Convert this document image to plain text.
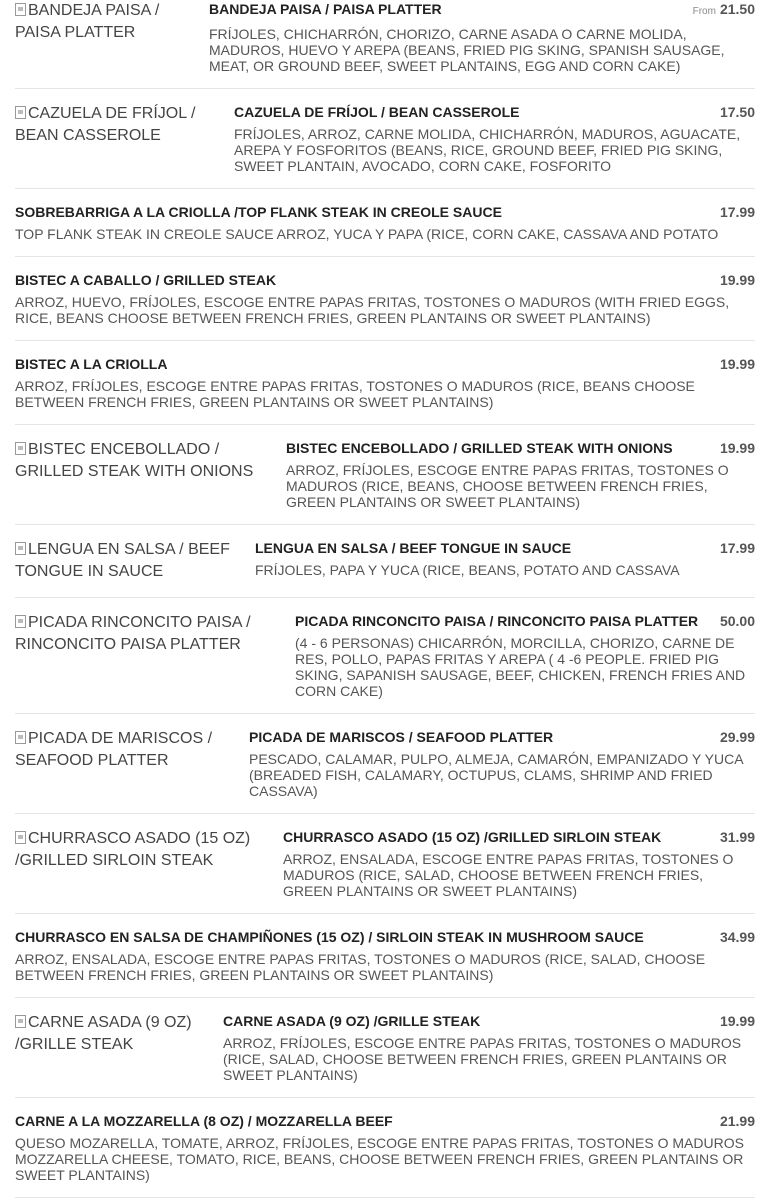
BANDEJA PAISA / PAISA PLATTER
BANDEJA PAISA / PAISA PLATTER	From 21.50
FRÍJOLES, CHICHARRÓN, CHORIZO, CARNE ASADA O CARNE MOLIDA, MADUROS, HUEVO Y AREPA (BEANS, FRIED PIG SKING, SPANISH SAUSAGE, MEAT, OR GROUND BEEF, SWEET PLANTAINS, EGG AND CORN CAKE)
CAZUELA DE FRÍJOL / BEAN CASSEROLE
CAZUELA DE FRÍJOL / BEAN CASSEROLE	17.50
FRÍJOLES, ARROZ, CARNE MOLIDA, CHICHARRÓN, MADUROS, AGUACATE, AREPA Y FOSFORITOS (BEANS, RICE, GROUND BEEF, FRIED PIG SKING, SWEET PLANTAIN, AVOCADO, CORN CAKE, FOSFORITO
SOBREBARRIGA A LA CRIOLLA /TOP FLANK STEAK IN CREOLE SAUCE	17.99
TOP FLANK STEAK IN CREOLE SAUCE ARROZ, YUCA Y PAPA (RICE, CORN CAKE, CASSAVA AND POTATO
BISTEC A CABALLO / GRILLED STEAK	19.99
ARROZ, HUEVO, FRÍJOLES, ESCOGE ENTRE PAPAS FRITAS, TOSTONES O MADUROS (WITH FRIED EGGS, RICE, BEANS CHOOSE BETWEEN FRENCH FRIES, GREEN PLANTAINS OR SWEET PLANTAINS)
BISTEC A LA CRIOLLA	19.99
ARROZ, FRÍJOLES, ESCOGE ENTRE PAPAS FRITAS, TOSTONES O MADUROS (RICE, BEANS CHOOSE BETWEEN FRENCH FRIES, GREEN PLANTAINS OR SWEET PLANTAINS)
BISTEC ENCEBOLLADO / GRILLED STEAK WITH ONIONS
BISTEC ENCEBOLLADO / GRILLED STEAK WITH ONIONS	19.99
ARROZ, FRÍJOLES, ESCOGE ENTRE PAPAS FRITAS, TOSTONES O MADUROS (RICE, BEANS, CHOOSE BETWEEN FRENCH FRIES, GREEN PLANTAINS OR SWEET PLANTAINS)
LENGUA EN SALSA / BEEF TONGUE IN SAUCE
LENGUA EN SALSA / BEEF TONGUE IN SAUCE	17.99
FRÍJOLES, PAPA Y YUCA (RICE, BEANS, POTATO AND CASSAVA
PICADA RINCONCITO PAISA / RINCONCITO PAISA PLATTER
PICADA RINCONCITO PAISA / RINCONCITO PAISA PLATTER	50.00
(4 - 6 PERSONAS) CHICARRÓN, MORCILLA, CHORIZO, CARNE DE RES, POLLO, PAPAS FRITAS Y AREPA ( 4 -6 PEOPLE. FRIED PIG SKING, SAPANISH SAUSAGE, BEEF, CHICKEN, FRENCH FRIES AND CORN CAKE)
PICADA DE MARISCOS / SEAFOOD PLATTER
PICADA DE MARISCOS / SEAFOOD PLATTER	29.99
PESCADO, CALAMAR, PULPO, ALMEJA, CAMARÓN, EMPANIZADO Y YUCA (BREADED FISH, CALAMARY, OCTUPUS, CLAMS, SHRIMP AND FRIED CASSAVA)
CHURRASCO ASADO (15 OZ) /GRILLED SIRLOIN STEAK
CHURRASCO ASADO (15 OZ) /GRILLED SIRLOIN STEAK	31.99
ARROZ, ENSALADA, ESCOGE ENTRE PAPAS FRITAS, TOSTONES O MADUROS (RICE, SALAD, CHOOSE BETWEEN FRENCH FRIES, GREEN PLANTAINS OR SWEET PLANTAINS)
CHURRASCO EN SALSA DE CHAMPIÑONES (15 OZ) / SIRLOIN STEAK IN MUSHROOM SAUCE	34.99
ARROZ, ENSALADA, ESCOGE ENTRE PAPAS FRITAS, TOSTONES O MADUROS (RICE, SALAD, CHOOSE BETWEEN FRENCH FRIES, GREEN PLANTAINS OR SWEET PLANTAINS)
CARNE ASADA (9 OZ) /GRILLE STEAK
CARNE ASADA (9 OZ) /GRILLE STEAK	19.99
ARROZ, FRÍJOLES, ESCOGE ENTRE PAPAS FRITAS, TOSTONES O MADUROS (RICE, SALAD, CHOOSE BETWEEN FRENCH FRIES, GREEN PLANTAINS OR SWEET PLANTAINS)
CARNE A LA MOZZARELLA (8 OZ) / MOZZARELLA BEEF	21.99
QUESO MOZARELLA, TOMATE, ARROZ, FRÍJOLES, ESCOGE ENTRE PAPAS FRITAS, TOSTONES O MADUROS MOZZARELLA CHEESE, TOMATO, RICE, BEANS, CHOOSE BETWEEN FRENCH FRIES, GREEN PLANTAINS OR SWEET PLANTAINS)
